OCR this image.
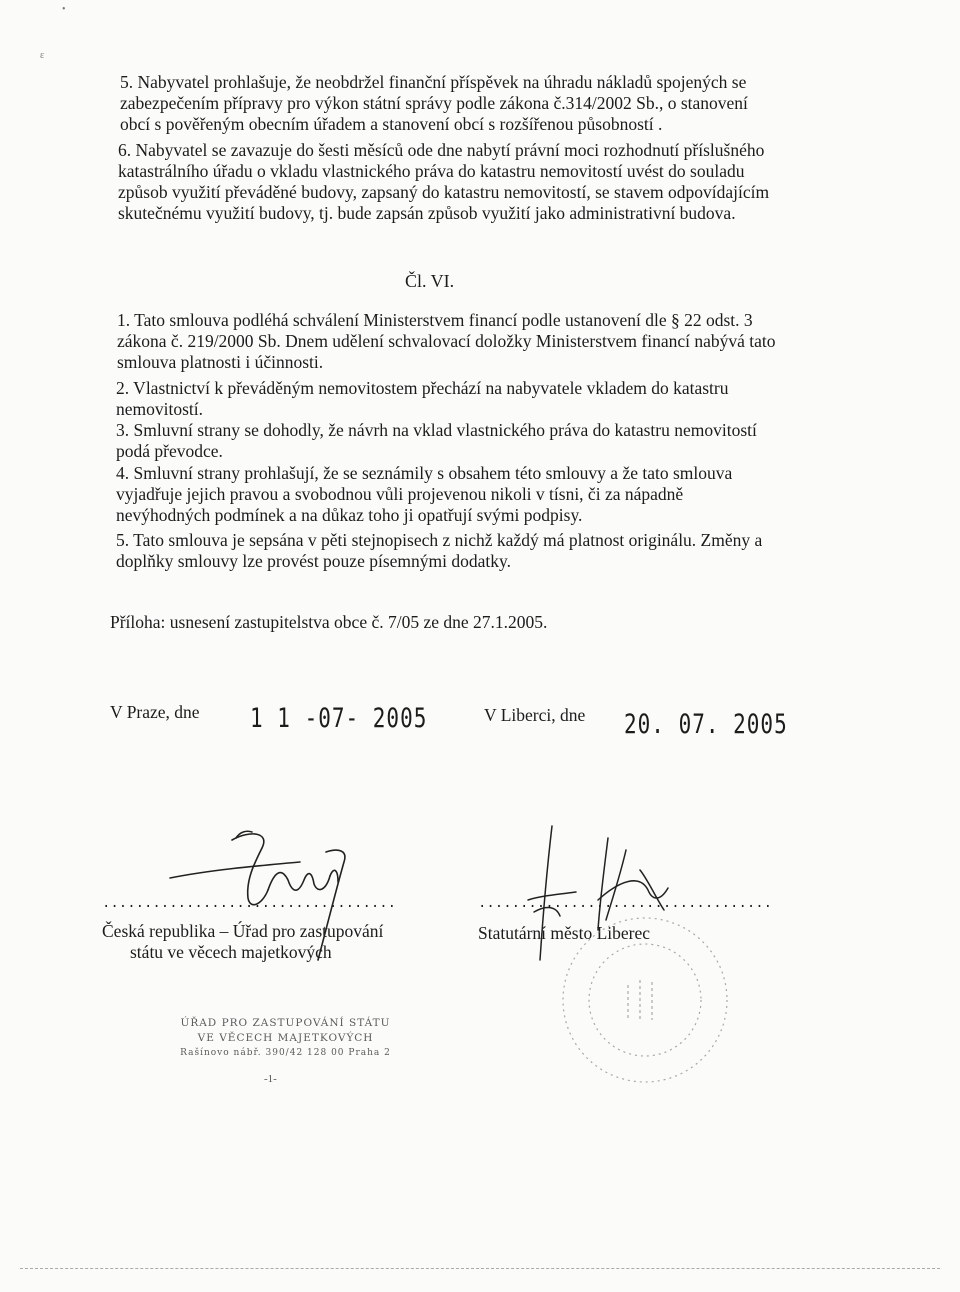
•
ε
5. Nabyvatel prohlašuje, že neobdržel finanční příspěvek na úhradu nákladů spojených se
zabezpečením přípravy pro výkon státní správy podle zákona č.314/2002 Sb., o stanovení
obcí s pověřeným obecním úřadem a stanovení obcí s rozšířenou působností .
6. Nabyvatel se zavazuje do šesti měsíců ode dne nabytí právní moci rozhodnutí příslušného
katastrálního úřadu o vkladu vlastnického práva do katastru nemovitostí uvést do souladu
způsob využití převáděné budovy, zapsaný do katastru nemovitostí, se stavem odpovídajícím
skutečnému využití budovy, tj. bude zapsán způsob využití jako administrativní budova.
Čl. VI.
1. Tato smlouva podléhá schválení Ministerstvem financí podle ustanovení dle § 22 odst. 3
zákona č. 219/2000 Sb. Dnem udělení schvalovací doložky Ministerstvem financí nabývá tato
smlouva platnosti i účinnosti.
2. Vlastnictví k převáděným nemovitostem přechází na nabyvatele vkladem do katastru
nemovitostí.
3. Smluvní strany se dohodly, že návrh na vklad vlastnického práva do katastru nemovitostí
podá převodce.
4. Smluvní strany prohlašují, že se seznámily s obsahem této smlouvy a že tato smlouva
vyjadřuje jejich pravou a svobodnou vůli projevenou nikoli v tísni, či za nápadně
nevýhodných podmínek a na důkaz toho ji opatřují svými podpisy.
5. Tato smlouva je sepsána v pěti stejnopisech z nichž každý má platnost originálu. Změny a
doplňky smlouvy lze provést pouze písemnými dodatky.
Příloha: usnesení zastupitelstva obce č. 7/05 ze dne 27.1.2005.
V Praze, dne 1 1 -07- 2005	V Liberci, dne 20. 07. 2005
...................................	...................................
Česká republika – Úřad pro zastupování
státu ve věcech majetkových
Statutární město Liberec
ÚŘAD PRO ZASTUPOVÁNÍ STÁTU
VE VĚCECH MAJETKOVÝCH
Rašínovo nábř. 390/42 128 00 Praha 2
-1-
